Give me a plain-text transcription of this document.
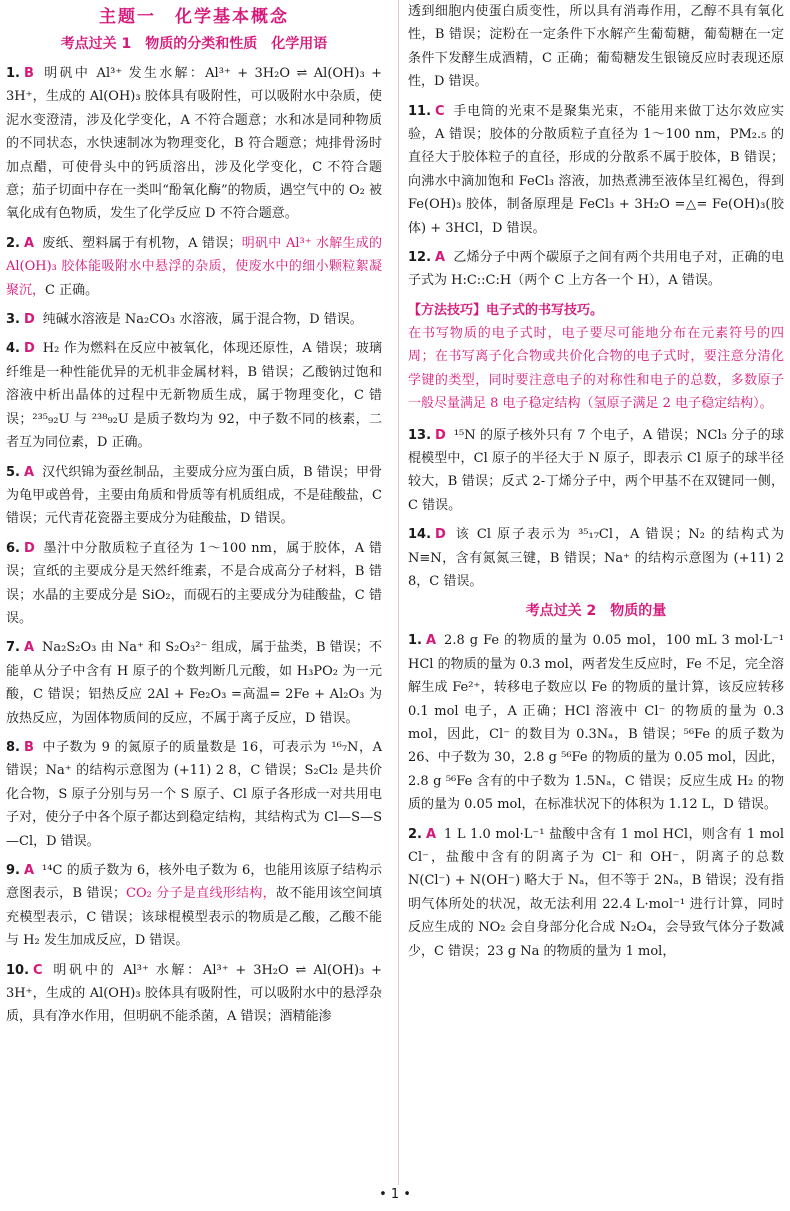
主题一　化学基本概念
考点过关 1　物质的分类和性质　化学用语
1. B 明矾中 Al³⁺ 发生水解：Al³⁺ + 3H₂O ⇌ Al(OH)₃ + 3H⁺，生成的 Al(OH)₃ 胶体具有吸附性，可以吸附水中杂质，使泥水变澄清，涉及化学变化，A 不符合题意；水和冰是同种物质的不同状态，水快速制冰为物理变化，B 符合题意；炖排骨汤时加点醋，可使骨头中的钙质溶出，涉及化学变化，C 不符合题意；茄子切面中存在一类叫“酚氧化酶”的物质，遇空气中的 O₂ 被氧化成有色物质，发生了化学反应 D 不符合题意。
2. A 废纸、塑料属于有机物，A 错误；明矾中 Al³⁺ 水解生成的 Al(OH)₃ 胶体能吸附水中悬浮的杂质，使废水中的细小颗粒絮凝聚沉，C 正确。
3. D 纯碱水溶液是 Na₂CO₃ 水溶液，属于混合物，D 错误。
4. D H₂ 作为燃料在反应中被氧化，体现还原性，A 错误；玻璃纤维是一种性能优异的无机非金属材料，B 错误；乙酸钠过饱和溶液中析出晶体的过程中无新物质生成，属于物理变化，C 错误；²³⁵₉₂U 与 ²³⁸₉₂U 是质子数均为 92，中子数不同的核素，二者互为同位素，D 正确。
5. A 汉代织锦为蚕丝制品，主要成分应为蛋白质，B 错误；甲骨为龟甲或兽骨，主要由角质和骨质等有机质组成，不是硅酸盐，C 错误；元代青花瓷器主要成分为硅酸盐，D 错误。
6. D 墨汁中分散质粒子直径为 1～100 nm，属于胶体，A 错误；宣纸的主要成分是天然纤维素，不是合成高分子材料，B 错误；水晶的主要成分是 SiO₂，而砚石的主要成分为硅酸盐，C 错误。
7. A Na₂S₂O₃ 由 Na⁺ 和 S₂O₃²⁻ 组成，属于盐类，B 错误；不能单从分子中含有 H 原子的个数判断几元酸，如 H₃PO₂ 为一元酸，C 错误；铝热反应 2Al + Fe₂O₃ =高温= 2Fe + Al₂O₃ 为放热反应，为固体物质间的反应，不属于离子反应，D 错误。
8. B 中子数为 9 的氮原子的质量数是 16，可表示为 ¹⁶₇N，A 错误；Na⁺ 的结构示意图为 (+11) 2 8，C 错误；S₂Cl₂ 是共价化合物，S 原子分别与另一个 S 原子、Cl 原子各形成一对共用电子对，使分子中各个原子都达到稳定结构，其结构式为 Cl—S—S—Cl，D 错误。
9. A ¹⁴C 的质子数为 6，核外电子数为 6，也能用该原子结构示意图表示，B 错误；CO₂ 分子是直线形结构，故不能用该空间填充模型表示，C 错误；该球棍模型表示的物质是乙酸，乙酸不能与 H₂ 发生加成反应，D 错误。
10. C 明矾中的 Al³⁺ 水解：Al³⁺ + 3H₂O ⇌ Al(OH)₃ + 3H⁺，生成的 Al(OH)₃ 胶体具有吸附性，可以吸附水中的悬浮杂质，具有净水作用，但明矾不能杀菌，A 错误；酒精能渗
透到细胞内使蛋白质变性，所以具有消毒作用，乙醇不具有氧化性，B 错误；淀粉在一定条件下水解产生葡萄糖，葡萄糖在一定条件下发酵生成酒精，C 正确；葡萄糖发生银镜反应时表现还原性，D 错误。
11. C 手电筒的光束不是聚集光束，不能用来做丁达尔效应实验，A 错误；胶体的分散质粒子直径为 1～100 nm，PM₂.₅ 的直径大于胶体粒子的直径，形成的分散系不属于胶体，B 错误；向沸水中滴加饱和 FeCl₃ 溶液，加热煮沸至液体呈红褐色，得到 Fe(OH)₃ 胶体，制备原理是 FeCl₃ + 3H₂O =△= Fe(OH)₃(胶体) + 3HCl，D 错误。
12. A 乙烯分子中两个碳原子之间有两个共用电子对，正确的电子式为 H:C::C:H（两个 C 上方各一个 H），A 错误。
【方法技巧】电子式的书写技巧。
在书写物质的电子式时，电子要尽可能地分布在元素符号的四周；在书写离子化合物或共价化合物的电子式时，要注意分清化学键的类型，同时要注意电子的对称性和电子的总数，多数原子一般尽量满足 8 电子稳定结构（氢原子满足 2 电子稳定结构）。
13. D ¹⁵N 的原子核外只有 7 个电子，A 错误；NCl₃ 分子的球棍模型中，Cl 原子的半径大于 N 原子，即表示 Cl 原子的球半径较大，B 错误；反式 2-丁烯分子中，两个甲基不在双键同一侧，C 错误。
14. D 该 Cl 原子表示为 ³⁵₁₇Cl，A 错误；N₂ 的结构式为 N≡N，含有氮氮三键，B 错误；Na⁺ 的结构示意图为 (+11) 2 8，C 错误。
考点过关 2　物质的量
1. A 2.8 g Fe 的物质的量为 0.05 mol，100 mL 3 mol·L⁻¹ HCl 的物质的量为 0.3 mol，两者发生反应时，Fe 不足，完全溶解生成 Fe²⁺，转移电子数应以 Fe 的物质的量计算，该反应转移 0.1 mol 电子，A 正确；HCl 溶液中 Cl⁻ 的物质的量为 0.3 mol，因此，Cl⁻ 的数目为 0.3Nₐ，B 错误；⁵⁶Fe 的质子数为 26、中子数为 30，2.8 g ⁵⁶Fe 的物质的量为 0.05 mol，因此，2.8 g ⁵⁶Fe 含有的中子数为 1.5Nₐ，C 错误；反应生成 H₂ 的物质的量为 0.05 mol，在标准状况下的体积为 1.12 L，D 错误。
2. A 1 L 1.0 mol·L⁻¹ 盐酸中含有 1 mol HCl，则含有 1 mol Cl⁻，盐酸中含有的阴离子为 Cl⁻ 和 OH⁻，阴离子的总数 N(Cl⁻) + N(OH⁻) 略大于 Nₐ，但不等于 2Nₐ，B 错误；没有指明气体所处的状况，故无法利用 22.4 L·mol⁻¹ 进行计算，同时反应生成的 NO₂ 会自身部分化合成 N₂O₄，会导致气体分子数减少，C 错误；23 g Na 的物质的量为 1 mol，
• 1 •
